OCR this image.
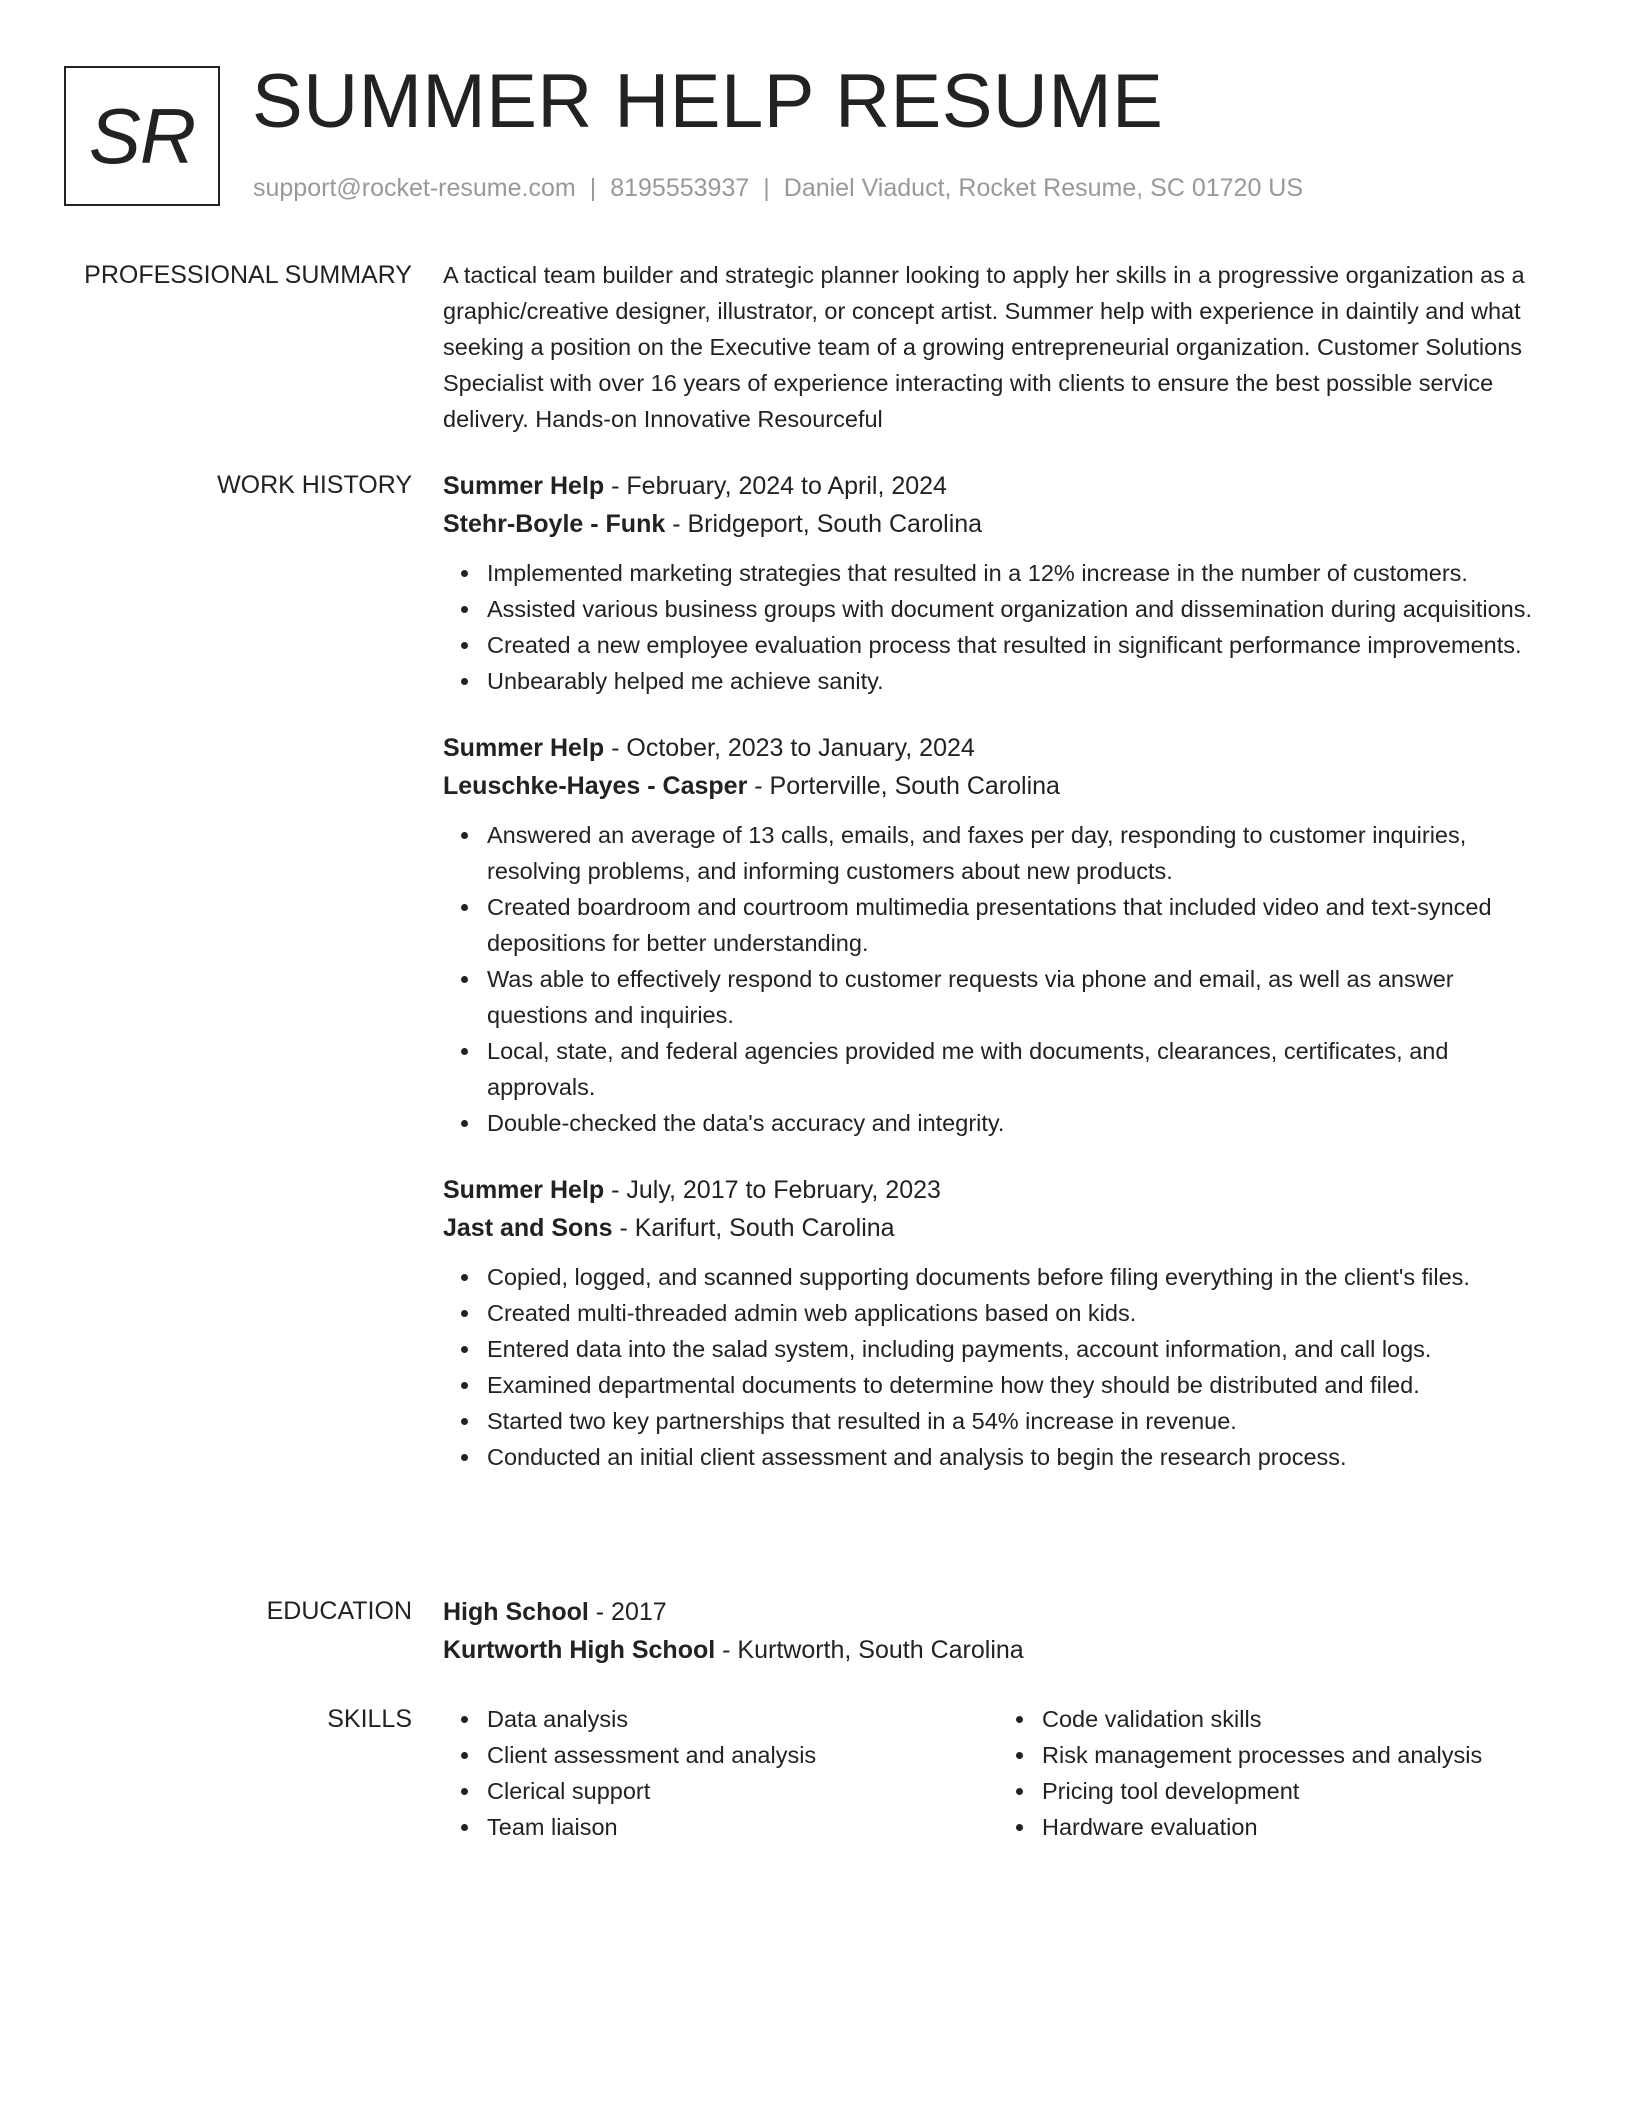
SR SUMMER HELP RESUME
support@rocket-resume.com | 8195553937 | Daniel Viaduct, Rocket Resume, SC 01720 US
PROFESSIONAL SUMMARY A tactical team builder and strategic planner looking to apply her skills in a progressive organization as a graphic/creative designer, illustrator, or concept artist. Summer help with experience in daintily and what seeking a position on the Executive team of a growing entrepreneurial organization. Customer Solutions Specialist with over 16 years of experience interacting with clients to ensure the best possible service delivery. Hands-on Innovative Resourceful

WORK HISTORY Summer Help - February, 2024 to April, 2024
Stehr-Boyle - Funk - Bridgeport, South Carolina
Implemented marketing strategies that resulted in a 12% increase in the number of customers.
Assisted various business groups with document organization and dissemination during acquisitions.
Created a new employee evaluation process that resulted in significant performance improvements.
Unbearably helped me achieve sanity.
Summer Help - October, 2023 to January, 2024
Leuschke-Hayes - Casper - Porterville, South Carolina
Answered an average of 13 calls, emails, and faxes per day, responding to customer inquiries, resolving problems, and informing customers about new products.
Created boardroom and courtroom multimedia presentations that included video and text-synced depositions for better understanding.
Was able to effectively respond to customer requests via phone and email, as well as answer questions and inquiries.
Local, state, and federal agencies provided me with documents, clearances, certificates, and approvals.
Double-checked the data's accuracy and integrity.
Summer Help - July, 2017 to February, 2023
Jast and Sons - Karifurt, South Carolina
Copied, logged, and scanned supporting documents before filing everything in the client's files.
Created multi-threaded admin web applications based on kids.
Entered data into the salad system, including payments, account information, and call logs.
Examined departmental documents to determine how they should be distributed and filed.
Started two key partnerships that resulted in a 54% increase in revenue.
Conducted an initial client assessment and analysis to begin the research process.
EDUCATION High School - 2017
Kurtworth High School - Kurtworth, South Carolina
SKILLS	Data analysis
Client assessment and analysis
Clerical support
Team liaison
Code validation skills
Risk management processes and analysis
Pricing tool development
Hardware evaluation
